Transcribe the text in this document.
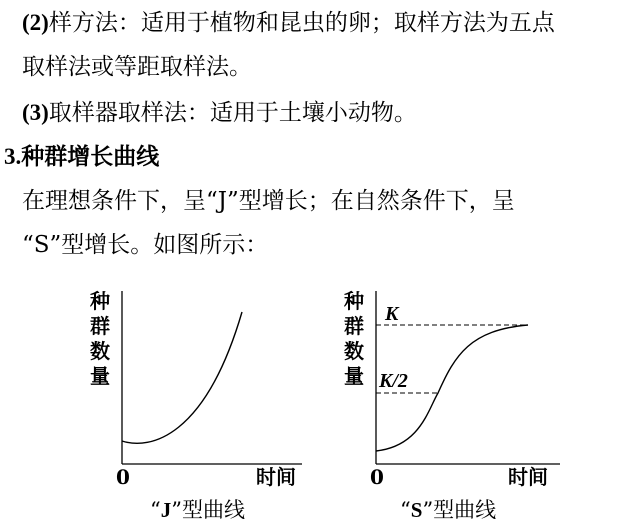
(2)样方法：适用于植物和昆虫的卵；取样方法为五点
取样法或等距取样法。
(3)取样器取样法：适用于土壤小动物。
3.种群增长曲线
在理想条件下，呈“J”型增长；在自然条件下，呈
“S”型增长。如图所示：
种
群
数
量
0	时间
种
群
数
量
K
K/2
0	时间
“J”型曲线	“S”型曲线
